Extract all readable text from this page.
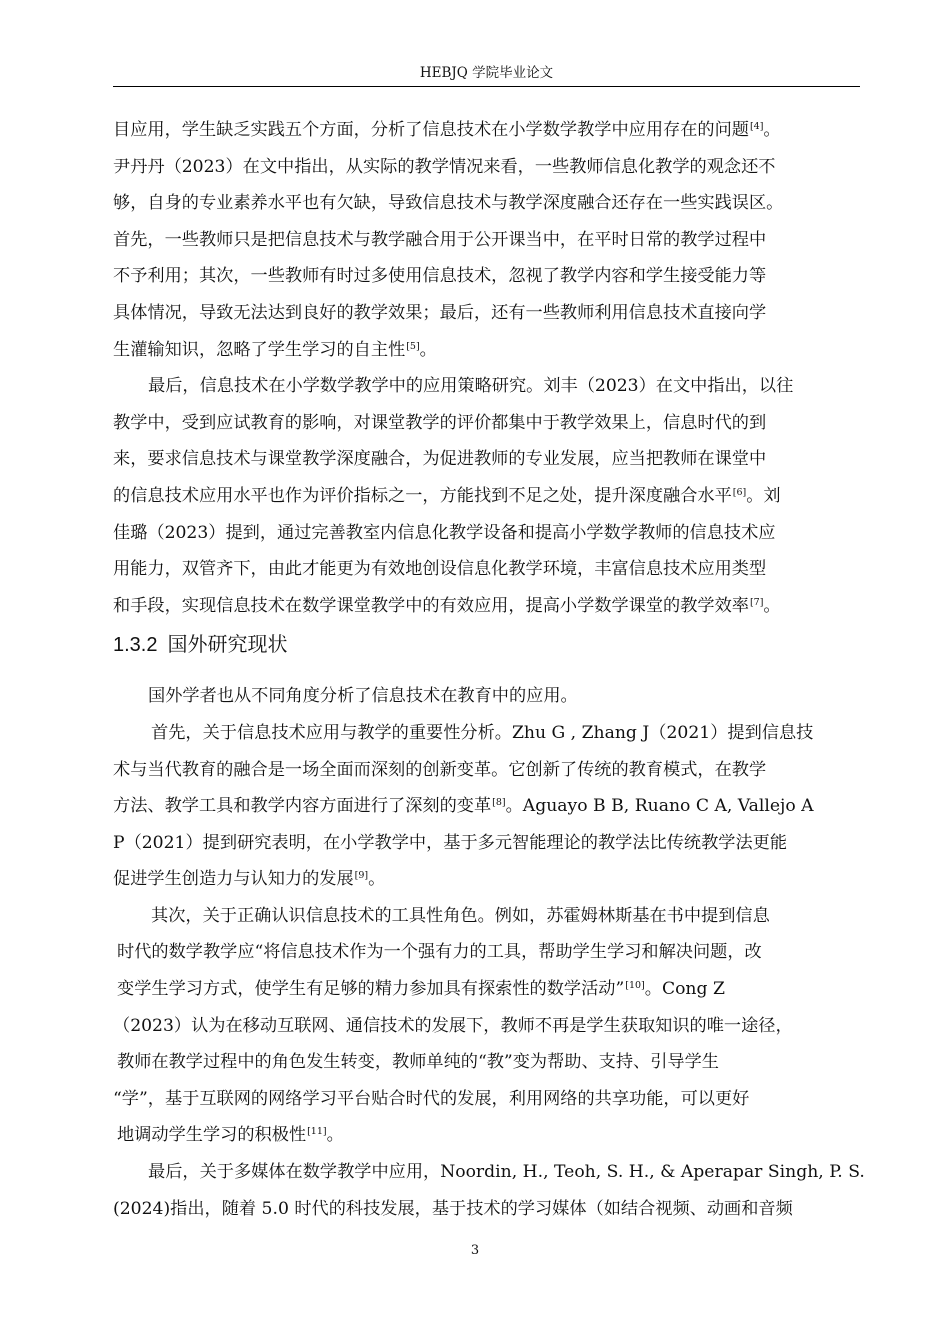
HEBJQ 学院毕业论文
目应用，学生缺乏实践五个方面，分析了信息技术在小学数学教学中应用存在的问题[4]。
尹丹丹（2023）在文中指出，从实际的教学情况来看，一些教师信息化教学的观念还不
够，自身的专业素养水平也有欠缺，导致信息技术与教学深度融合还存在一些实践误区。
首先，一些教师只是把信息技术与教学融合用于公开课当中，在平时日常的教学过程中
不予利用；其次，一些教师有时过多使用信息技术，忽视了教学内容和学生接受能力等
具体情况，导致无法达到良好的教学效果；最后，还有一些教师利用信息技术直接向学
生灌输知识，忽略了学生学习的自主性[5]。
最后，信息技术在小学数学教学中的应用策略研究。刘丰（2023）在文中指出，以往
教学中，受到应试教育的影响，对课堂教学的评价都集中于教学效果上，信息时代的到
来，要求信息技术与课堂教学深度融合，为促进教师的专业发展，应当把教师在课堂中
的信息技术应用水平也作为评价指标之一，方能找到不足之处，提升深度融合水平[6]。刘
佳璐（2023）提到，通过完善教室内信息化教学设备和提高小学数学教师的信息技术应
用能力，双管齐下，由此才能更为有效地创设信息化教学环境，丰富信息技术应用类型
和手段，实现信息技术在数学课堂教学中的有效应用，提高小学数学课堂的教学效率[7]。
1.3.2 国外研究现状
国外学者也从不同角度分析了信息技术在教育中的应用。
首先，关于信息技术应用与教学的重要性分析。Zhu G , Zhang J（2021）提到信息技
术与当代教育的融合是一场全面而深刻的创新变革。它创新了传统的教育模式，在教学
方法、教学工具和教学内容方面进行了深刻的变革[8]。Aguayo B B, Ruano C A, Vallejo A
P（2021）提到研究表明，在小学教学中，基于多元智能理论的教学法比传统教学法更能
促进学生创造力与认知力的发展[9]。
其次，关于正确认识信息技术的工具性角色。例如，苏霍姆林斯基在书中提到信息
时代的数学教学应“将信息技术作为一个强有力的工具，帮助学生学习和解决问题，改
变学生学习方式，使学生有足够的精力参加具有探索性的数学活动”[10]。Cong Z
（2023）认为在移动互联网、通信技术的发展下，教师不再是学生获取知识的唯一途径，
教师在教学过程中的角色发生转变，教师单纯的“教”变为帮助、支持、引导学生
“学”，基于互联网的网络学习平台贴合时代的发展，利用网络的共享功能，可以更好
地调动学生学习的积极性[11]。
最后，关于多媒体在数学教学中应用，Noordin, H., Teoh, S. H., & Aperapar Singh, P. S.
(2024)指出，随着 5.0 时代的科技发展，基于技术的学习媒体（如结合视频、动画和音频
3
